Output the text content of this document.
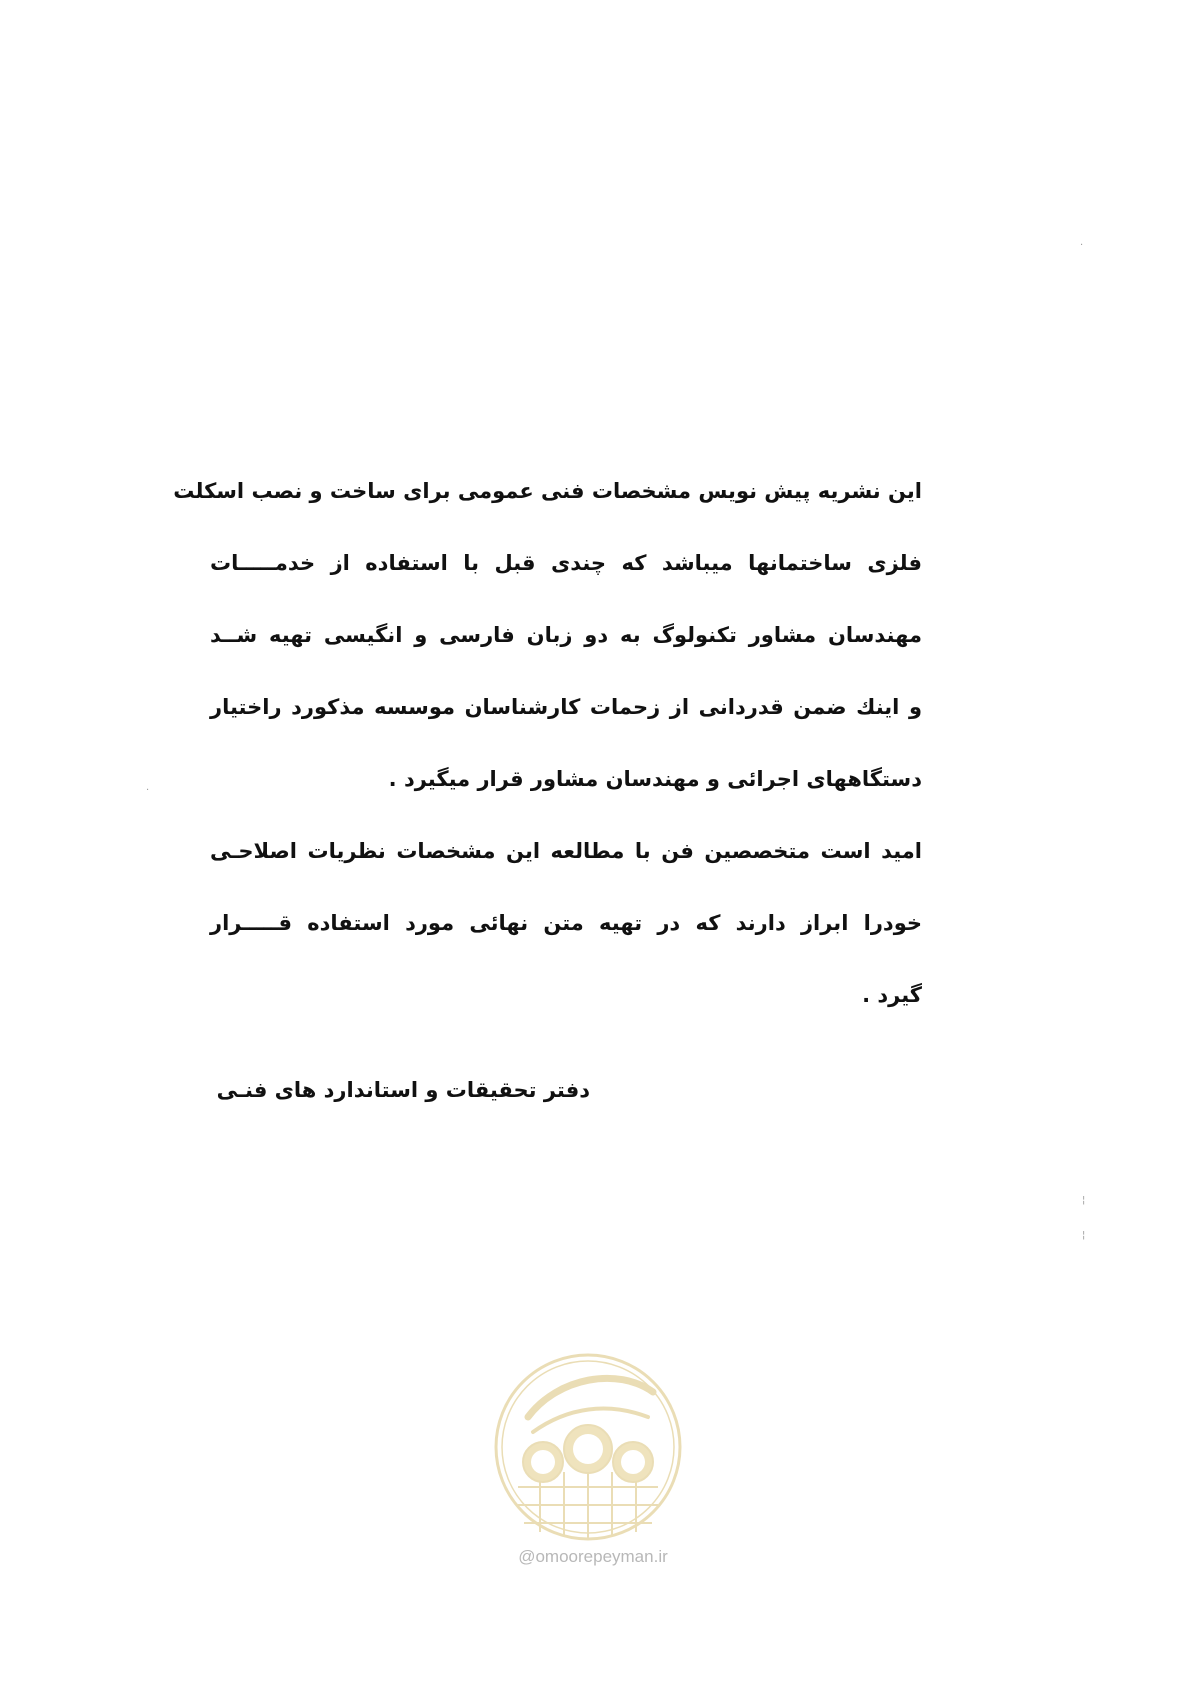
این نشریه پیش نویس مشخصات فنی عمومی برای ساخت و نصب اسکلت
فلزی ساختمانها میباشد که چندی قبل با استفاده از خدمـــــات
مهندسان مشاور تکنولوگ به دو زبان فارسی و انگیسی تهیه شــد
و اینك ضمن قدردانی از زحمات کارشناسان موسسه مذکورد راختیار
دستگاههای اجرائی و مهندسان مشاور قرار میگیرد .
امید است متخصصین فن با مطالعه این مشخصات نظریات اصلاحـی
خودرا ابراز دارند که در تهیه متن نهائی مورد استفاده قـــــرار
گیرد .
دفتر تحقیقات و استاندارد های فنـی
@omoorepeyman.ir
·
¦
¦
·
